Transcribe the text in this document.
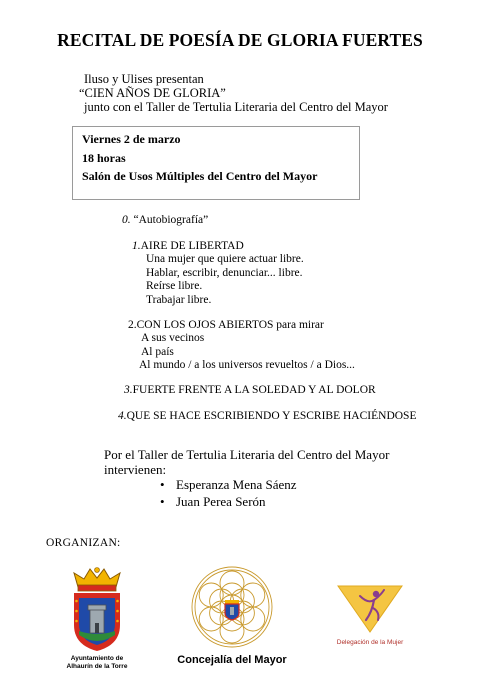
RECITAL DE POESÍA DE GLORIA FUERTES
Iluso y Ulises presentan
“CIEN AÑOS DE GLORIA”
junto con el Taller de Tertulia Literaria del Centro del Mayor
Viernes 2 de marzo
18 horas
Salón de Usos Múltiples del Centro del Mayor
0. “Autobiografía”
1.AIRE DE LIBERTAD
Una mujer que quiere actuar libre.
Hablar, escribir, denunciar... libre.
Reírse libre.
Trabajar libre.
2.CON LOS OJOS ABIERTOS para mirar
A sus vecinos
Al país
Al mundo / a los universos revueltos / a Dios...
3.FUERTE FRENTE A LA SOLEDAD Y AL DOLOR
4.QUE SE HACE ESCRIBIENDO Y ESCRIBE HACIÉNDOSE
Por el Taller de Tertulia Literaria del Centro del Mayor
intervienen:
• Esperanza Mena Sáenz
• Juan Perea Serón
ORGANIZAN:
Ayuntamiento de
Alhaurín de la Torre	Concejalía del Mayor
Delegación de la Mujer
